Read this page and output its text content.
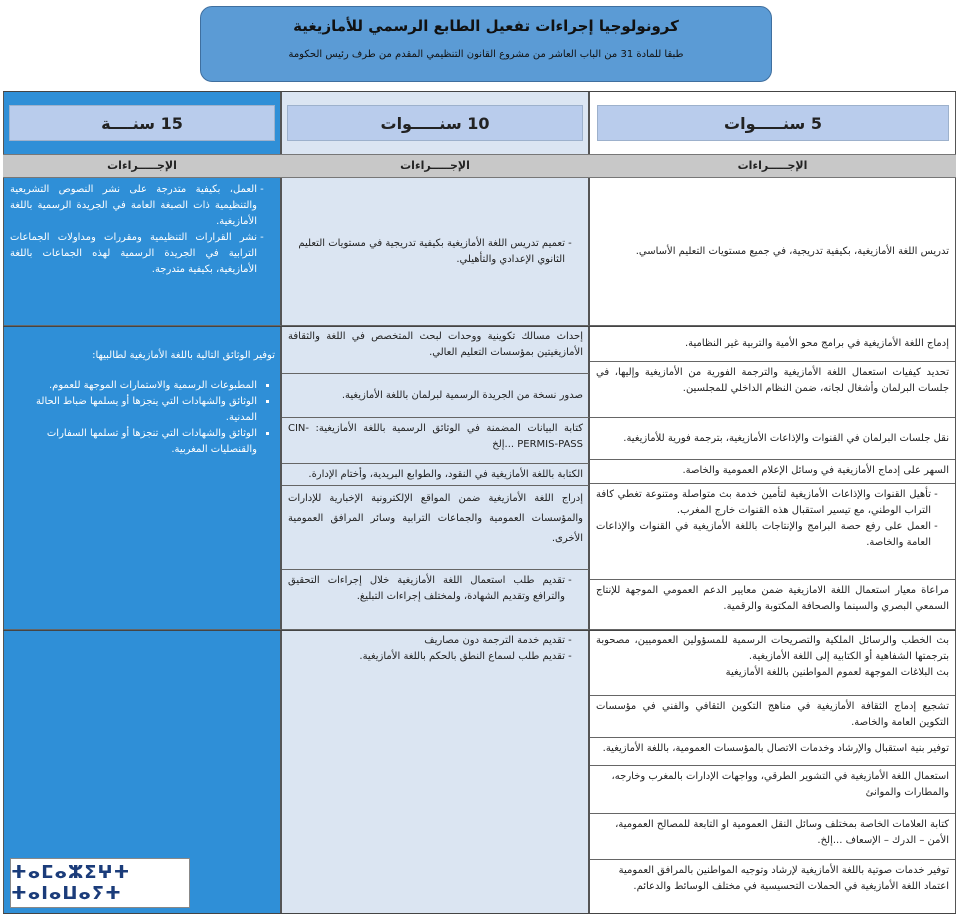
كرونولوجيا إجراءات تفعيل الطابع الرسمي للأمازيغية
طبقا للمادة 31 من الباب العاشر من مشروع القانون التنظيمي المقدم من طرف رئيس الحكومة
5 سنـــــوات
10 سنـــــوات
15 سنــــة
الإجـــــراءات
الإجـــــراءات
الإجـــــراءات
تدريس اللغة الأمازيغية، بكيفية تدريجية، في جميع مستويات التعليم الأساسي.
إدماج اللغة الأمازيغية في برامج محو الأمية والتربية غير النظامية.
تحديد كيفيات استعمال اللغة الأمازيغية والترجمة الفورية من الأمازيغية وإليها، في جلسات البرلمان وأشغال لجانه، ضمن النظام الداخلي للمجلسين.
نقل جلسات البرلمان في القنوات والإذاعات الأمازيغية، بترجمة فورية للأمازيغية.
السهر على إدماج الأمازيغية في وسائل الإعلام العمومية والخاصة.
- تأهيل القنوات والإذاعات الأمازيغية لتأمين خدمة بث متواصلة ومتنوعة تغطي كافة التراب الوطني، مع تيسير استقبال هذه القنوات خارج المغرب.
- العمل على رفع حصة البرامج والإنتاجات باللغة الأمازيغية في القنوات والإذاعات العامة والخاصة.
مراعاة معيار استعمال اللغة الامازيغية ضمن معايير الدعم العمومي الموجهة للإنتاج السمعي البصري والسينما والصحافة المكتوبة والرقمية.
بث الخطب والرسائل الملكية والتصريحات الرسمية للمسؤولين العموميين، مصحوبة بترجمتها الشفاهية أو الكتابية إلى اللغة الأمازيغية.
بث البلاغات الموجهة لعموم المواطنين باللغة الأمازيغية
تشجيع إدماج الثقافة الأمازيغية في مناهج التكوين الثقافي والفني في مؤسسات التكوين العامة والخاصة.
توفير بنية استقبال والإرشاد وخدمات الاتصال بالمؤسسات العمومية، باللغة الأمازيغية.
استعمال اللغة الأمازيغية في التشوير الطرقي، وواجهات الإدارات بالمغرب وخارجه، والمطارات والموانئ
كتابة العلامات الخاصة بمختلف وسائل النقل العمومية او التابعة للمصالح العمومية، الأمن – الدرك – الإسعاف ...إلخ.
توفير خدمات صوتية باللغة الأمازيغية لإرشاد وتوجيه المواطنين بالمرافق العمومية
اعتماد اللغة الأمازيغية في الحملات التحسيسية في مختلف الوسائط والدعائم.
- تعميم تدريس اللغة الأمازيغية بكيفية تدريجية في مستويات التعليم الثانوي الإعدادي والتأهيلي.
إحداث مسالك تكوينية ووحدات لبحث المتخصص في اللغة والثقافة الأمازيغيتين بمؤسسات التعليم العالي.
صدور نسخة من الجريدة الرسمية لبرلمان باللغة الأمازيغية.
كتابة البيانات المضمنة في الوثائق الرسمية باللغة الأمازيغية: -CIN PERMIS-PASS ...إلخ
الكتابة باللغة الأمازيغية في النقود، والطوابع البريدية، وأختام الإدارة.
إدراج اللغة الأمازيغية ضمن المواقع الإلكترونية الإخبارية للإدارات والمؤسسات العمومية والجماعات الترابية وسائر المرافق العمومية الأخرى.
- تقديم طلب استعمال اللغة الأمازيغية خلال إجراءات التحقيق والترافع وتقديم الشهادة، ولمختلف إجراءات التبليغ.
- تقديم خدمة الترجمة دون مصاريف
- تقديم طلب لسماع النطق بالحكم باللغة الأمازيغية.
- العمل، بكيفية متدرجة على نشر النصوص التشريعية والتنظيمية ذات الصبغة العامة في الجريدة الرسمية باللغة الأمازيغية.
- نشر القرارات التنظيمية ومقررات ومداولات الجماعات الترابية في الجريدة الرسمية لهذه الجماعات باللغة الأمازيغية، بكيفية متدرجة.
توفير الوثائق التالية باللغة الأمازيغية لطالبيها:
▪ المطبوعات الرسمية والاستمارات الموجهة للعموم.
▪ الوثائق والشهادات التي ينجزها أو يسلمها ضباط الحالة المدنية.
▪ الوثائق والشهادات التي تنجزها أو تسلمها السفارات والقنصليات المغربية.
ⵜⴰⵎⴰⵣⵉⵖⵜ ⵜⴰⵏⴰⵡⴰⵢⵜ
